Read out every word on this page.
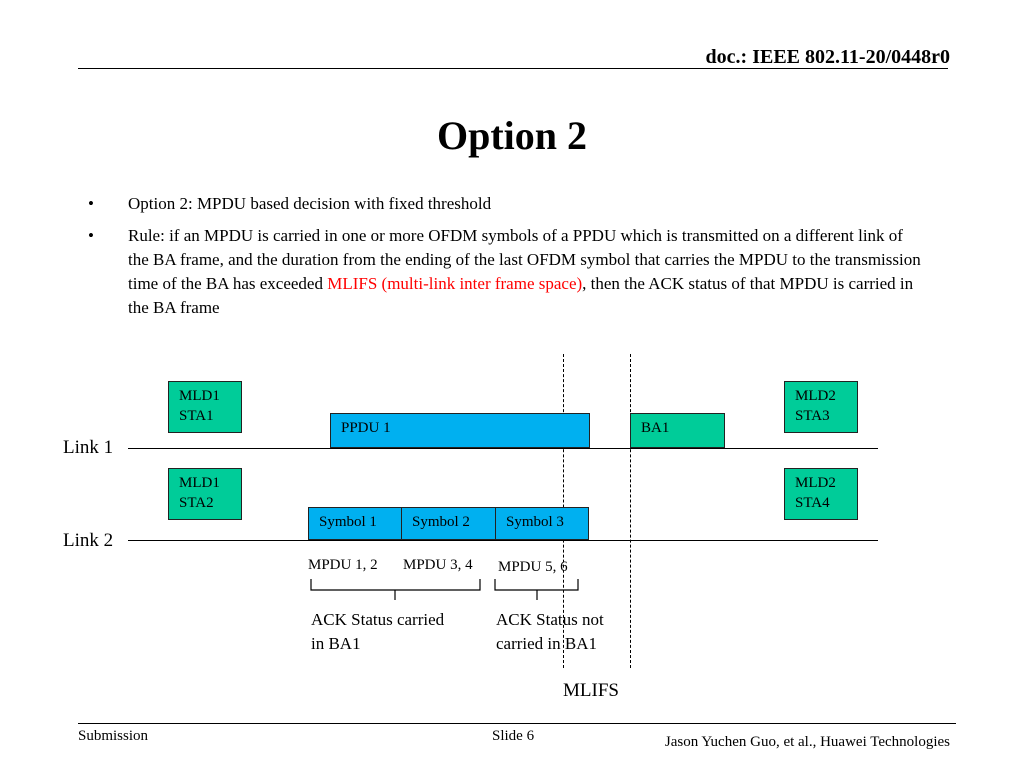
doc.: IEEE 802.11-20/0448r0
Option 2
•	Option 2: MPDU based decision with fixed threshold
•	Rule: if an MPDU is carried in one or more OFDM symbols of a PPDU which is transmitted on a different link of the BA frame, and the duration from the ending of the last OFDM symbol that carries the MPDU to the transmission time of the BA has exceeded MLIFS (multi-link inter frame space), then the ACK status of that MPDU is carried in the BA frame
Link 1
Link 2
MLD1
STA1
MLD1
STA2
MLD2
STA3
MLD2
STA4
PPDU 1	BA1
Symbol 1	Symbol 2	Symbol 3
MPDU 1, 2 MPDU 3, 4 MPDU 5, 6
ACK Status carried
in BA1
ACK Status not
carried in BA1
MLIFS
Submission	Slide 6	Jason Yuchen Guo, et al., Huawei Technologies
